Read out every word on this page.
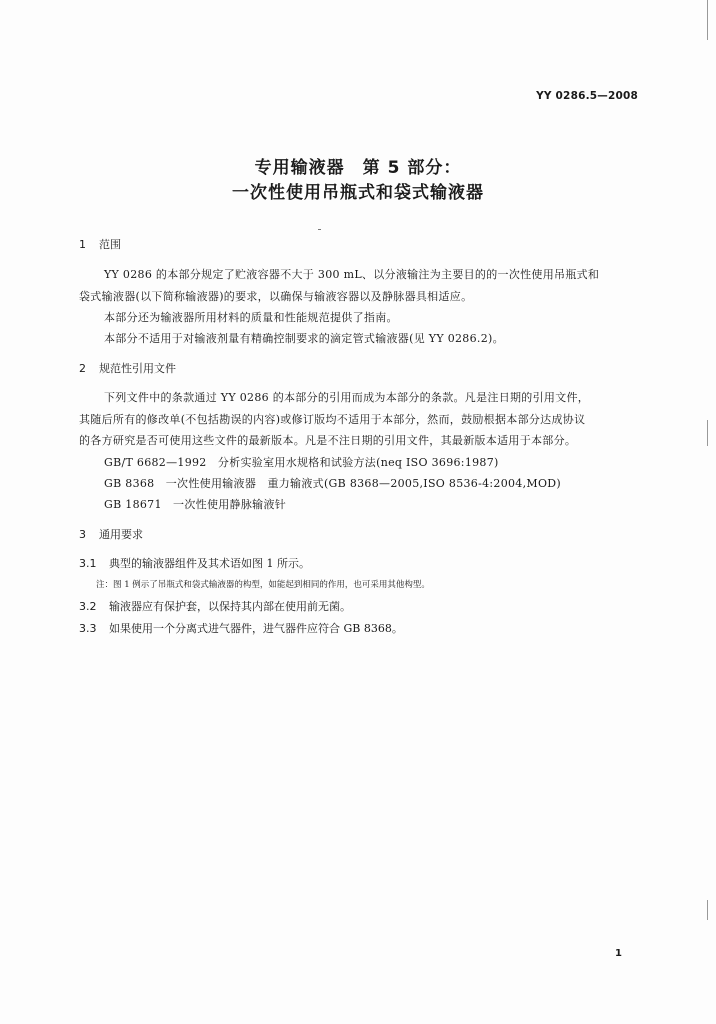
YY 0286.5—2008
专用输液器　第 5 部分：
一次性使用吊瓶式和袋式输液器
1 范围
YY 0286 的本部分规定了贮液容器不大于 300 mL、以分液输注为主要目的的一次性使用吊瓶式和
袋式输液器(以下简称输液器)的要求，以确保与输液容器以及静脉器具相适应。
本部分还为输液器所用材料的质量和性能规范提供了指南。
本部分不适用于对输液剂量有精确控制要求的滴定管式输液器(见 YY 0286.2)。
2 规范性引用文件
下列文件中的条款通过 YY 0286 的本部分的引用而成为本部分的条款。凡是注日期的引用文件，
其随后所有的修改单(不包括勘误的内容)或修订版均不适用于本部分，然而，鼓励根据本部分达成协议
的各方研究是否可使用这些文件的最新版本。凡是不注日期的引用文件，其最新版本适用于本部分。
GB/T 6682—1992　分析实验室用水规格和试验方法(neq ISO 3696:1987)
GB 8368　一次性使用输液器　重力输液式(GB 8368—2005,ISO 8536-4:2004,MOD)
GB 18671　一次性使用静脉输液针
3 通用要求
3.1 典型的输液器组件及其术语如图 1 所示。
注：图 1 例示了吊瓶式和袋式输液器的构型，如能起到相同的作用，也可采用其他构型。
3.2 输液器应有保护套，以保持其内部在使用前无菌。
3.3 如果使用一个分离式进气器件，进气器件应符合 GB 8368。
1
